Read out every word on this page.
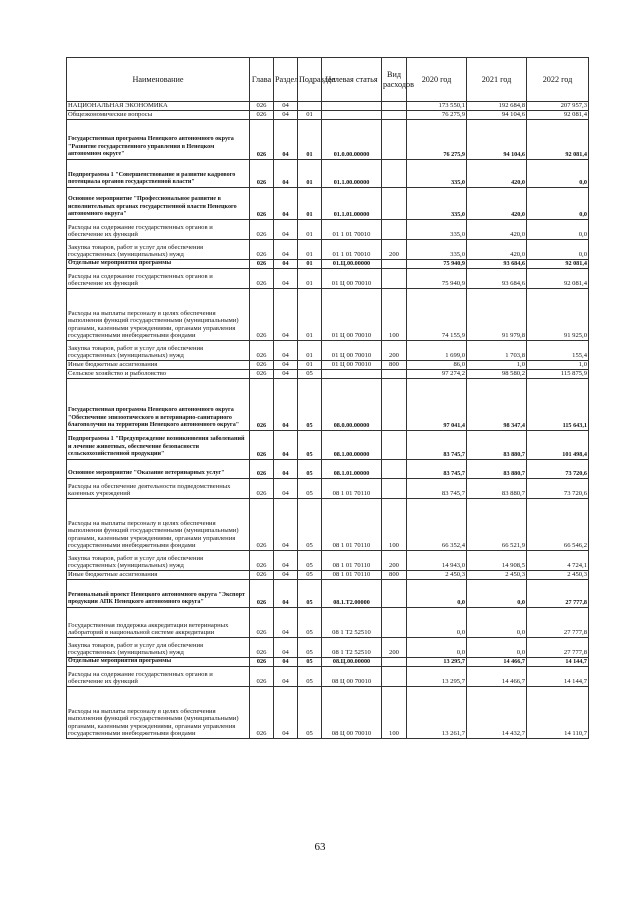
Наименование	Глава	Раздел	Подраздел	Целевая статья	Вид расходов	2020 год	2021 год	2022 год
НАЦИОНАЛЬНАЯ ЭКОНОМИКА	026	04				173 550,1	192 684,8	207 957,3
Общеэкономические вопросы	026	04	01			76 275,9	94 104,6	92 081,4
Государственная программа Ненецкого автономного округа "Развитие государственного управления в Ненецком автономном округе"	026	04	01	01.0.00.00000		76 275,9	94 104,6	92 081,4
Подпрограмма 1 "Совершенствование и развитие кадрового потенциала органов государственной власти"	026	04	01	01.1.00.00000		335,0	420,0	0,0
Основное мероприятие "Профессиональное развитие в исполнительных органах государственной власти Ненецкого автономного округа"	026	04	01	01.1.01.00000		335,0	420,0	0,0
Расходы на содержание государственных органов и обеспечение их функций	026	04	01	01 1 01 70010		335,0	420,0	0,0
Закупка товаров, работ и услуг для обеспечения государственных (муниципальных) нужд	026	04	01	01 1 01 70010	200	335,0	420,0	0,0
Отдельные мероприятия программы	026	04	01	01.Ц.00.00000		75 940,9	93 684,6	92 081,4
Расходы на содержание государственных органов и обеспечение их функций	026	04	01	01 Ц 00 70010		75 940,9	93 684,6	92 081,4
Расходы на выплаты персоналу в целях обеспечения выполнения функций государственными (муниципальными) органами, казенными учреждениями, органами управления государственными внебюджетными фондами	026	04	01	01 Ц 00 70010	100	74 155,9	91 979,8	91 925,0
Закупка товаров, работ и услуг для обеспечения государственных (муниципальных) нужд	026	04	01	01 Ц 00 70010	200	1 699,0	1 703,8	155,4
Иные бюджетные ассигнования	026	04	01	01 Ц 00 70010	800	86,0	1,0	1,0
Сельское хозяйство и рыболовство	026	04	05			97 274,2	98 580,2	115 875,9
Государственная программа Ненецкого автономного округа "Обеспечение эпизоотического и ветеринарно-санитарного благополучия на территории Ненецкого автономного округа"	026	04	05	08.0.00.00000		97 041,4	98 347,4	115 643,1
Подпрограмма 1 "Предупреждение возникновения заболеваний и лечение животных, обеспечение безопасности сельскохозяйственной продукции"	026	04	05	08.1.00.00000		83 745,7	83 880,7	101 498,4
Основное мероприятие "Оказание ветеринарных услуг"	026	04	05	08.1.01.00000		83 745,7	83 880,7	73 720,6
Расходы на обеспечение деятельности подведомственных казенных учреждений	026	04	05	08 1 01 70110		83 745,7	83 880,7	73 720,6
Расходы на выплаты персоналу в целях обеспечения выполнения функций государственными (муниципальными) органами, казенными учреждениями, органами управления государственными внебюджетными фондами	026	04	05	08 1 01 70110	100	66 352,4	66 521,9	66 546,2
Закупка товаров, работ и услуг для обеспечения государственных (муниципальных) нужд	026	04	05	08 1 01 70110	200	14 943,0	14 908,5	4 724,1
Иные бюджетные ассигнования	026	04	05	08 1 01 70110	800	2 450,3	2 450,3	2 450,3
Региональный проект Ненецкого автономного округа "Экспорт продукции АПК Ненецкого автономного округа"	026	04	05	08.1.Т2.00000		0,0	0,0	27 777,8
Государственная поддержка аккредитации ветеринарных лабораторий в национальной системе аккредитации	026	04	05	08 1 Т2 52510		0,0	0,0	27 777,8
Закупка товаров, работ и услуг для обеспечения государственных (муниципальных) нужд	026	04	05	08 1 Т2 52510	200	0,0	0,0	27 777,8
Отдельные мероприятия программы	026	04	05	08.Ц.00.00000		13 295,7	14 466,7	14 144,7
Расходы на содержание государственных органов и обеспечение их функций	026	04	05	08 Ц 00 70010		13 295,7	14 466,7	14 144,7
Расходы на выплаты персоналу в целях обеспечения выполнения функций государственными (муниципальными) органами, казенными учреждениями, органами управления государственными внебюджетными фондами	026	04	05	08 Ц 00 70010	100	13 261,7	14 432,7	14 110,7
63
